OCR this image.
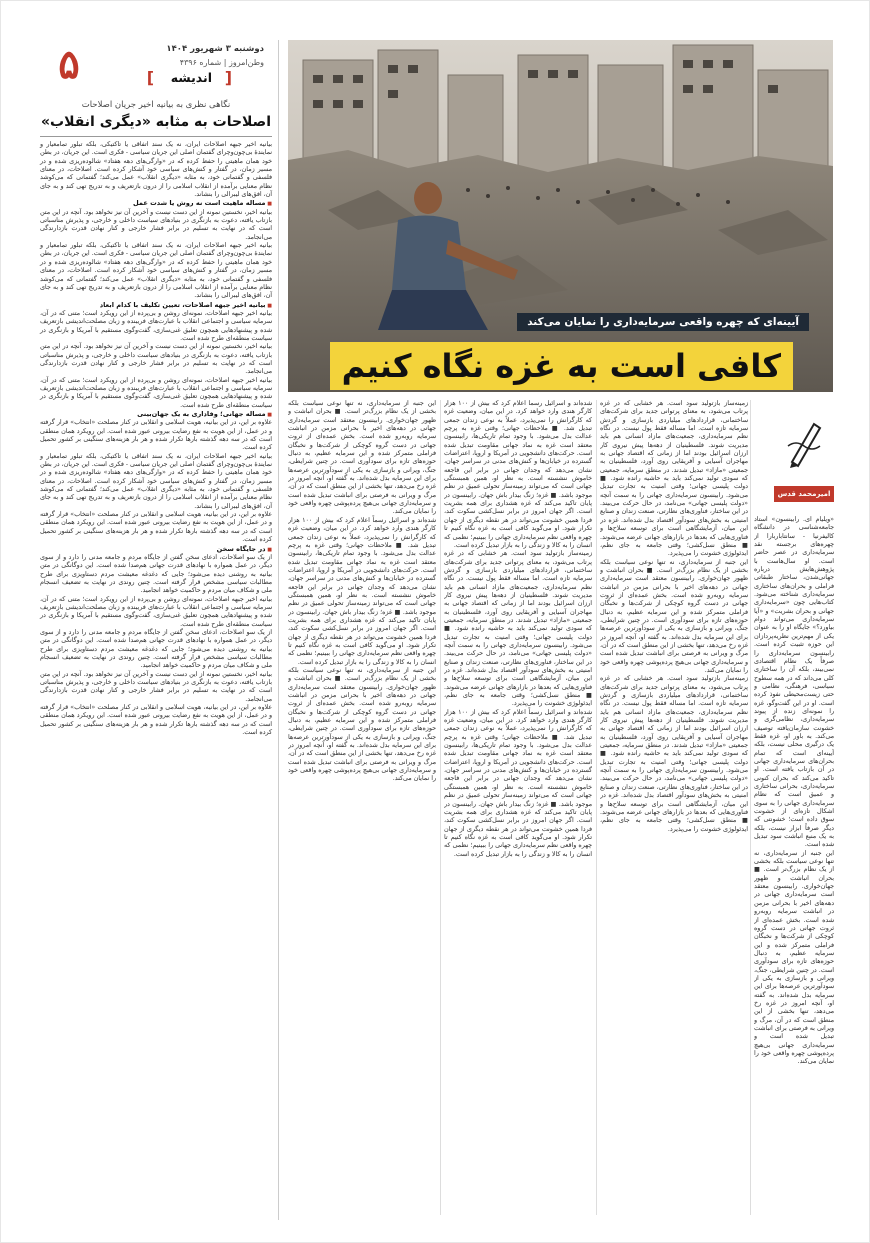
۵	دوشنبه ۳ شهریور ۱۴۰۴
وطن‌امروز | شماره ۴۳۹۶
[
اندیشه
]
نگاهی نظری به بیانیه اخیر جریان اصلاحات
اصلاحات به مثابه «دیگری انقلاب»

بیانیه اخیر جبهه اصلاحات ایران، نه یک سند اتفاقی یا تاکتیکی، بلکه تبلور تمامعیار و نمایندهٔ بی‌چون‌وچرای گفتمان اصلی این جریان سیاسی - فکری است. این جریان، در بطن خود همان ماهیتی را حفظ کرده که در «وارگی‌های دهه هفتاد» شالوده‌ریزی شده و در مسیر زمان، در گفتار و کنش‌های سیاسی خود آشکار کرده است. اصلاحات، در معنای فلسفی و گفتمانی خود، به مثابه «دیگری انقلاب» عمل می‌کند؛ گفتمانی که می‌کوشد نظام معنایی برآمده از انقلاب اسلامی را از درون بازتعریف و به تدریج تهی کند و به جای آن، افق‌های لیبرالی را بنشاند.

■ مساله ماهیت است نه روش یا شدت عمل

بیانیه اخیر، نخستین نمونه از این دست نیست و آخرین آن نیز نخواهد بود. آنچه در این متن بازتاب یافته، دعوت به بازنگری در بنیادهای سیاست داخلی و خارجی، و پذیرش مناسباتی است که در نهایت به تسلیم در برابر فشار خارجی و کنار نهادن قدرت بازدارندگی می‌انجامد.

بیانیه اخیر جبهه اصلاحات ایران، نه یک سند اتفاقی یا تاکتیکی، بلکه تبلور تمامعیار و نمایندهٔ بی‌چون‌وچرای گفتمان اصلی این جریان سیاسی - فکری است. این جریان، در بطن خود همان ماهیتی را حفظ کرده که در «وارگی‌های دهه هفتاد» شالوده‌ریزی شده و در مسیر زمان، در گفتار و کنش‌های سیاسی خود آشکار کرده است. اصلاحات، در معنای فلسفی و گفتمانی خود، به مثابه «دیگری انقلاب» عمل می‌کند؛ گفتمانی که می‌کوشد نظام معنایی برآمده از انقلاب اسلامی را از درون بازتعریف و به تدریج تهی کند و به جای آن، افق‌های لیبرالی را بنشاند.

■ بیانیه اخیر جبهه اصلاحات، تعیین تکلیف با کدام ابعاد

بیانیه اخیر جبهه اصلاحات، نمونه‌ای روشن و بی‌پرده از این رویکرد است؛ متنی که در آن، سرمایه سیاسی و اجتماعی انقلاب با عبارت‌های فریبنده و زبان مصلحت‌اندیشی بازتعریف شده و پیشنهادهایی همچون تعلیق غنی‌سازی، گفت‌وگوی مستقیم با آمریکا و بازنگری در سیاست منطقه‌ای طرح شده است.

بیانیه اخیر، نخستین نمونه از این دست نیست و آخرین آن نیز نخواهد بود. آنچه در این متن بازتاب یافته، دعوت به بازنگری در بنیادهای سیاست داخلی و خارجی، و پذیرش مناسباتی است که در نهایت به تسلیم در برابر فشار خارجی و کنار نهادن قدرت بازدارندگی می‌انجامد.

بیانیه اخیر جبهه اصلاحات، نمونه‌ای روشن و بی‌پرده از این رویکرد است؛ متنی که در آن، سرمایه سیاسی و اجتماعی انقلاب با عبارت‌های فریبنده و زبان مصلحت‌اندیشی بازتعریف شده و پیشنهادهایی همچون تعلیق غنی‌سازی، گفت‌وگوی مستقیم با آمریکا و بازنگری در سیاست منطقه‌ای طرح شده است.

■ مساله جهانی؛ وفاداری به یک جهان‌بینی

علاوه بر این، در این بیانیه، هویت اسلامی و انقلابی در کنار مصلحت «انتخاب» قرار گرفته و در عمل، از این هویت به نفع رضایت بیرونی عبور شده است. این رویکرد همان منطقی است که در سه دهه گذشته بارها تکرار شده و هر بار هزینه‌های سنگینی بر کشور تحمیل کرده است.

بیانیه اخیر جبهه اصلاحات ایران، نه یک سند اتفاقی یا تاکتیکی، بلکه تبلور تمامعیار و نمایندهٔ بی‌چون‌وچرای گفتمان اصلی این جریان سیاسی - فکری است. این جریان، در بطن خود همان ماهیتی را حفظ کرده که در «وارگی‌های دهه هفتاد» شالوده‌ریزی شده و در مسیر زمان، در گفتار و کنش‌های سیاسی خود آشکار کرده است. اصلاحات، در معنای فلسفی و گفتمانی خود، به مثابه «دیگری انقلاب» عمل می‌کند؛ گفتمانی که می‌کوشد نظام معنایی برآمده از انقلاب اسلامی را از درون بازتعریف و به تدریج تهی کند و به جای آن، افق‌های لیبرالی را بنشاند.

علاوه بر این، در این بیانیه، هویت اسلامی و انقلابی در کنار مصلحت «انتخاب» قرار گرفته و در عمل، از این هویت به نفع رضایت بیرونی عبور شده است. این رویکرد همان منطقی است که در سه دهه گذشته بارها تکرار شده و هر بار هزینه‌های سنگینی بر کشور تحمیل کرده است.

■ در جایگاه سخن

از یک سو اصلاحات، ادعای سخن گفتن از جایگاه مردم و جامعه مدنی را دارد و از سوی دیگر، در عمل همواره با نهادهای قدرت جهانی هم‌صدا شده است. این دوگانگی در متن بیانیه به روشنی دیده می‌شود؛ جایی که دغدغه معیشت مردم دستاویزی برای طرح مطالبات سیاسی مشخص قرار گرفته است. چنین روندی در نهایت به تضعیف انسجام ملی و شکاف میان مردم و حاکمیت خواهد انجامید.

بیانیه اخیر جبهه اصلاحات، نمونه‌ای روشن و بی‌پرده از این رویکرد است؛ متنی که در آن، سرمایه سیاسی و اجتماعی انقلاب با عبارت‌های فریبنده و زبان مصلحت‌اندیشی بازتعریف شده و پیشنهادهایی همچون تعلیق غنی‌سازی، گفت‌وگوی مستقیم با آمریکا و بازنگری در سیاست منطقه‌ای طرح شده است.

از یک سو اصلاحات، ادعای سخن گفتن از جایگاه مردم و جامعه مدنی را دارد و از سوی دیگر، در عمل همواره با نهادهای قدرت جهانی هم‌صدا شده است. این دوگانگی در متن بیانیه به روشنی دیده می‌شود؛ جایی که دغدغه معیشت مردم دستاویزی برای طرح مطالبات سیاسی مشخص قرار گرفته است. چنین روندی در نهایت به تضعیف انسجام ملی و شکاف میان مردم و حاکمیت خواهد انجامید.

بیانیه اخیر، نخستین نمونه از این دست نیست و آخرین آن نیز نخواهد بود. آنچه در این متن بازتاب یافته، دعوت به بازنگری در بنیادهای سیاست داخلی و خارجی، و پذیرش مناسباتی است که در نهایت به تسلیم در برابر فشار خارجی و کنار نهادن قدرت بازدارندگی می‌انجامد.

علاوه بر این، در این بیانیه، هویت اسلامی و انقلابی در کنار مصلحت «انتخاب» قرار گرفته و در عمل، از این هویت به نفع رضایت بیرونی عبور شده است. این رویکرد همان منطقی است که در سه دهه گذشته بارها تکرار شده و هر بار هزینه‌های سنگینی بر کشور تحمیل کرده است.

آیینه‌ای که چهره واقعی سرمایه‌داری را نمایان می‌کند
کافی است به غزه نگاه کنیم

زمینه‌ساز بازتولید سود است. هر خشابی که در غزه پرتاب می‌شود، به معنای پرتوانی جدید برای شرکت‌های ساختمانی، قراردادهای میلیاردی بازسازی و گردش سرمایه تازه است. اما مساله فقط پول نیست. در نگاه نظم سرمایه‌داری، جمعیت‌های مازاد انسانی هم باید مدیریت شوند. فلسطینیان از دهه‌ها پیش نیروی کار ارزان اسرائیل بودند اما از زمانی که اقتصاد جهانی به مهاجران آسیایی و آفریقایی روی آورد، فلسطینیان به جمعیتی «مازاد» تبدیل شدند. در منطق سرمایه، جمعیتی که سودی تولید نمی‌کند باید به حاشیه رانده شود. ■ دولت پلیسی جهانی؛ وقتی امنیت به تجارت تبدیل می‌شود. رابینسون سرمایه‌داری جهانی را به سمت آنچه «دولت پلیسی جهانی» می‌نامد، در حال حرکت می‌بیند. در این ساختار، فناوری‌های نظارتی، صنعت زندان و صنایع امنیتی به بخش‌های سودآور اقتصاد بدل شده‌اند. غزه در این میان، آزمایشگاهی است برای توسعه سلاح‌ها و فناوری‌هایی که بعدها در بازارهای جهانی عرضه می‌شوند. ■ منطق نسل‌کشی؛ وقتی جامعه به جای نظم، ایدئولوژی خشونت را می‌پذیرد.

این جنبه از سرمایه‌داری، نه تنها نوعی سیاست بلکه بخشی از یک نظام بزرگ‌تر است. ■ بحران انباشت و ظهور جهان‌خواری. رابینسون معتقد است سرمایه‌داری جهانی در دهه‌های اخیر با بحرانی مزمن در انباشت سرمایه روبه‌رو شده است. بخش عمده‌ای از ثروت جهانی در دست گروه کوچکی از شرکت‌ها و نخبگان فراملی متمرکز شده و این سرمایه عظیم، به دنبال حوزه‌های تازه برای سودآوری است. در چنین شرایطی، جنگ، ویرانی و بازسازی به یکی از سودآورترین عرصه‌ها برای این سرمایه بدل شده‌اند. به گفته او، آنچه امروز در غزه رخ می‌دهد، تنها بخشی از این منطق است که در آن، مرگ و ویرانی به فرصتی برای انباشت تبدیل شده است و سرمایه‌داری جهانی بی‌هیچ پرده‌پوشی چهره واقعی خود را نمایان می‌کند.

زمینه‌ساز بازتولید سود است. هر خشابی که در غزه پرتاب می‌شود، به معنای پرتوانی جدید برای شرکت‌های ساختمانی، قراردادهای میلیاردی بازسازی و گردش سرمایه تازه است. اما مساله فقط پول نیست. در نگاه نظم سرمایه‌داری، جمعیت‌های مازاد انسانی هم باید مدیریت شوند. فلسطینیان از دهه‌ها پیش نیروی کار ارزان اسرائیل بودند اما از زمانی که اقتصاد جهانی به مهاجران آسیایی و آفریقایی روی آورد، فلسطینیان به جمعیتی «مازاد» تبدیل شدند. در منطق سرمایه، جمعیتی که سودی تولید نمی‌کند باید به حاشیه رانده شود. ■ دولت پلیسی جهانی؛ وقتی امنیت به تجارت تبدیل می‌شود. رابینسون سرمایه‌داری جهانی را به سمت آنچه «دولت پلیسی جهانی» می‌نامد، در حال حرکت می‌بیند. در این ساختار، فناوری‌های نظارتی، صنعت زندان و صنایع امنیتی به بخش‌های سودآور اقتصاد بدل شده‌اند. غزه در این میان، آزمایشگاهی است برای توسعه سلاح‌ها و فناوری‌هایی که بعدها در بازارهای جهانی عرضه می‌شوند. ■ منطق نسل‌کشی؛ وقتی جامعه به جای نظم، ایدئولوژی خشونت را می‌پذیرد.

شده‌اند و اسرائیل رسماً اعلام کرد که بیش از ۱۰۰ هزار کارگر هندی وارد خواهد کرد. در این میان، وضعیت غزه که کارگرانش را نمی‌پذیرد، عملاً به نوعی زندان جمعی تبدیل شد. ■ ملاحظات جهانی؛ وقتی غزه به پرچم عدالت بدل می‌شود. با وجود تمام تاریکی‌ها، رابینسون معتقد است غزه به نماد جهانی مقاومت تبدیل شده است. حرکت‌های دانشجویی در آمریکا و اروپا، اعتراضات گسترده در خیابان‌ها و کنش‌های مدنی در سراسر جهان، نشان می‌دهد که وجدان جهانی در برابر این فاجعه خاموش ننشسته است. به نظر او، همین همبستگی جهانی است که می‌تواند زمینه‌ساز تحولی عمیق در نظم موجود باشد. ■ غزه؛ زنگ بیدار باش جهان. رابینسون در پایان تاکید می‌کند که غزه هشداری برای همه بشریت است. اگر جهان امروز در برابر نسل‌کشی سکوت کند، فردا همین خشونت می‌تواند در هر نقطه دیگری از جهان تکرار شود. او می‌گوید کافی است به غزه نگاه کنیم تا چهره واقعی نظم سرمایه‌داری جهانی را ببینیم؛ نظمی که انسان را به کالا و زندگی را به بازار تبدیل کرده است.

زمینه‌ساز بازتولید سود است. هر خشابی که در غزه پرتاب می‌شود، به معنای پرتوانی جدید برای شرکت‌های ساختمانی، قراردادهای میلیاردی بازسازی و گردش سرمایه تازه است. اما مساله فقط پول نیست. در نگاه نظم سرمایه‌داری، جمعیت‌های مازاد انسانی هم باید مدیریت شوند. فلسطینیان از دهه‌ها پیش نیروی کار ارزان اسرائیل بودند اما از زمانی که اقتصاد جهانی به مهاجران آسیایی و آفریقایی روی آورد، فلسطینیان به جمعیتی «مازاد» تبدیل شدند. در منطق سرمایه، جمعیتی که سودی تولید نمی‌کند باید به حاشیه رانده شود. ■ دولت پلیسی جهانی؛ وقتی امنیت به تجارت تبدیل می‌شود. رابینسون سرمایه‌داری جهانی را به سمت آنچه «دولت پلیسی جهانی» می‌نامد، در حال حرکت می‌بیند. در این ساختار، فناوری‌های نظارتی، صنعت زندان و صنایع امنیتی به بخش‌های سودآور اقتصاد بدل شده‌اند. غزه در این میان، آزمایشگاهی است برای توسعه سلاح‌ها و فناوری‌هایی که بعدها در بازارهای جهانی عرضه می‌شوند. ■ منطق نسل‌کشی؛ وقتی جامعه به جای نظم، ایدئولوژی خشونت را می‌پذیرد.

شده‌اند و اسرائیل رسماً اعلام کرد که بیش از ۱۰۰ هزار کارگر هندی وارد خواهد کرد. در این میان، وضعیت غزه که کارگرانش را نمی‌پذیرد، عملاً به نوعی زندان جمعی تبدیل شد. ■ ملاحظات جهانی؛ وقتی غزه به پرچم عدالت بدل می‌شود. با وجود تمام تاریکی‌ها، رابینسون معتقد است غزه به نماد جهانی مقاومت تبدیل شده است. حرکت‌های دانشجویی در آمریکا و اروپا، اعتراضات گسترده در خیابان‌ها و کنش‌های مدنی در سراسر جهان، نشان می‌دهد که وجدان جهانی در برابر این فاجعه خاموش ننشسته است. به نظر او، همین همبستگی جهانی است که می‌تواند زمینه‌ساز تحولی عمیق در نظم موجود باشد. ■ غزه؛ زنگ بیدار باش جهان. رابینسون در پایان تاکید می‌کند که غزه هشداری برای همه بشریت است. اگر جهان امروز در برابر نسل‌کشی سکوت کند، فردا همین خشونت می‌تواند در هر نقطه دیگری از جهان تکرار شود. او می‌گوید کافی است به غزه نگاه کنیم تا چهره واقعی نظم سرمایه‌داری جهانی را ببینیم؛ نظمی که انسان را به کالا و زندگی را به بازار تبدیل کرده است.

این جنبه از سرمایه‌داری، نه تنها نوعی سیاست بلکه بخشی از یک نظام بزرگ‌تر است. ■ بحران انباشت و ظهور جهان‌خواری. رابینسون معتقد است سرمایه‌داری جهانی در دهه‌های اخیر با بحرانی مزمن در انباشت سرمایه روبه‌رو شده است. بخش عمده‌ای از ثروت جهانی در دست گروه کوچکی از شرکت‌ها و نخبگان فراملی متمرکز شده و این سرمایه عظیم، به دنبال حوزه‌های تازه برای سودآوری است. در چنین شرایطی، جنگ، ویرانی و بازسازی به یکی از سودآورترین عرصه‌ها برای این سرمایه بدل شده‌اند. به گفته او، آنچه امروز در غزه رخ می‌دهد، تنها بخشی از این منطق است که در آن، مرگ و ویرانی به فرصتی برای انباشت تبدیل شده است و سرمایه‌داری جهانی بی‌هیچ پرده‌پوشی چهره واقعی خود را نمایان می‌کند.

شده‌اند و اسرائیل رسماً اعلام کرد که بیش از ۱۰۰ هزار کارگر هندی وارد خواهد کرد. در این میان، وضعیت غزه که کارگرانش را نمی‌پذیرد، عملاً به نوعی زندان جمعی تبدیل شد. ■ ملاحظات جهانی؛ وقتی غزه به پرچم عدالت بدل می‌شود. با وجود تمام تاریکی‌ها، رابینسون معتقد است غزه به نماد جهانی مقاومت تبدیل شده است. حرکت‌های دانشجویی در آمریکا و اروپا، اعتراضات گسترده در خیابان‌ها و کنش‌های مدنی در سراسر جهان، نشان می‌دهد که وجدان جهانی در برابر این فاجعه خاموش ننشسته است. به نظر او، همین همبستگی جهانی است که می‌تواند زمینه‌ساز تحولی عمیق در نظم موجود باشد. ■ غزه؛ زنگ بیدار باش جهان. رابینسون در پایان تاکید می‌کند که غزه هشداری برای همه بشریت است. اگر جهان امروز در برابر نسل‌کشی سکوت کند، فردا همین خشونت می‌تواند در هر نقطه دیگری از جهان تکرار شود. او می‌گوید کافی است به غزه نگاه کنیم تا چهره واقعی نظم سرمایه‌داری جهانی را ببینیم؛ نظمی که انسان را به کالا و زندگی را به بازار تبدیل کرده است.

این جنبه از سرمایه‌داری، نه تنها نوعی سیاست بلکه بخشی از یک نظام بزرگ‌تر است. ■ بحران انباشت و ظهور جهان‌خواری. رابینسون معتقد است سرمایه‌داری جهانی در دهه‌های اخیر با بحرانی مزمن در انباشت سرمایه روبه‌رو شده است. بخش عمده‌ای از ثروت جهانی در دست گروه کوچکی از شرکت‌ها و نخبگان فراملی متمرکز شده و این سرمایه عظیم، به دنبال حوزه‌های تازه برای سودآوری است. در چنین شرایطی، جنگ، ویرانی و بازسازی به یکی از سودآورترین عرصه‌ها برای این سرمایه بدل شده‌اند. به گفته او، آنچه امروز در غزه رخ می‌دهد، تنها بخشی از این منطق است که در آن، مرگ و ویرانی به فرصتی برای انباشت تبدیل شده است و سرمایه‌داری جهانی بی‌هیچ پرده‌پوشی چهره واقعی خود را نمایان می‌کند.

امیرمحمد قدس

«ویلیام ای. رابینسون» استاد جامعه‌شناسی در دانشگاه کالیفرنیا - سانتاباربارا از چهره‌های برجسته نقد سرمایه‌داری در عصر حاضر است. او سال‌هاست با پژوهش‌هایش درباره جهانی‌شدن، ساختار طبقاتی فراملی و بحران‌های ساختاری سرمایه‌داری شناخته می‌شود. کتاب‌هایی چون «سرمایه‌داری جهانی و بحران بشریت» و «آیا سرمایه‌داری می‌تواند دوام بیاورد؟» جایگاه او را به عنوان یکی از مهم‌ترین نظریه‌پردازان این حوزه تثبیت کرده است. رابینسون سرمایه‌داری را صرفاً یک نظام اقتصادی نمی‌بیند، بلکه آن را ساختاری کلی می‌داند که در همه سطوح سیاسی، فرهنگی، نظامی و حتی زیست‌محیطی نفوذ کرده است. او در این گفت‌وگو، غزه را نمونه‌ای زنده از پیوند سرمایه‌داری، نظامی‌گری و خشونت سازمان‌یافته توصیف می‌کند. به باور او، غزه فقط یک درگیری محلی نیست، بلکه آیینه‌ای است که تمام بحران‌های سرمایه‌داری جهانی در آن بازتاب یافته است. او تاکید می‌کند که بحران کنونی سرمایه‌داری، بحرانی ساختاری و عمیق است که نظام سرمایه‌داری جهانی را به سوی اشکال تازه‌ای از خشونت سوق داده است؛ خشونتی که دیگر صرفاً ابزار نیست، بلکه به یک منبع انباشت سود تبدیل شده است.

این جنبه از سرمایه‌داری، نه تنها نوعی سیاست بلکه بخشی از یک نظام بزرگ‌تر است. ■ بحران انباشت و ظهور جهان‌خواری. رابینسون معتقد است سرمایه‌داری جهانی در دهه‌های اخیر با بحرانی مزمن در انباشت سرمایه روبه‌رو شده است. بخش عمده‌ای از ثروت جهانی در دست گروه کوچکی از شرکت‌ها و نخبگان فراملی متمرکز شده و این سرمایه عظیم، به دنبال حوزه‌های تازه برای سودآوری است. در چنین شرایطی، جنگ، ویرانی و بازسازی به یکی از سودآورترین عرصه‌ها برای این سرمایه بدل شده‌اند. به گفته او، آنچه امروز در غزه رخ می‌دهد، تنها بخشی از این منطق است که در آن، مرگ و ویرانی به فرصتی برای انباشت تبدیل شده است و سرمایه‌داری جهانی بی‌هیچ پرده‌پوشی چهره واقعی خود را نمایان می‌کند.
